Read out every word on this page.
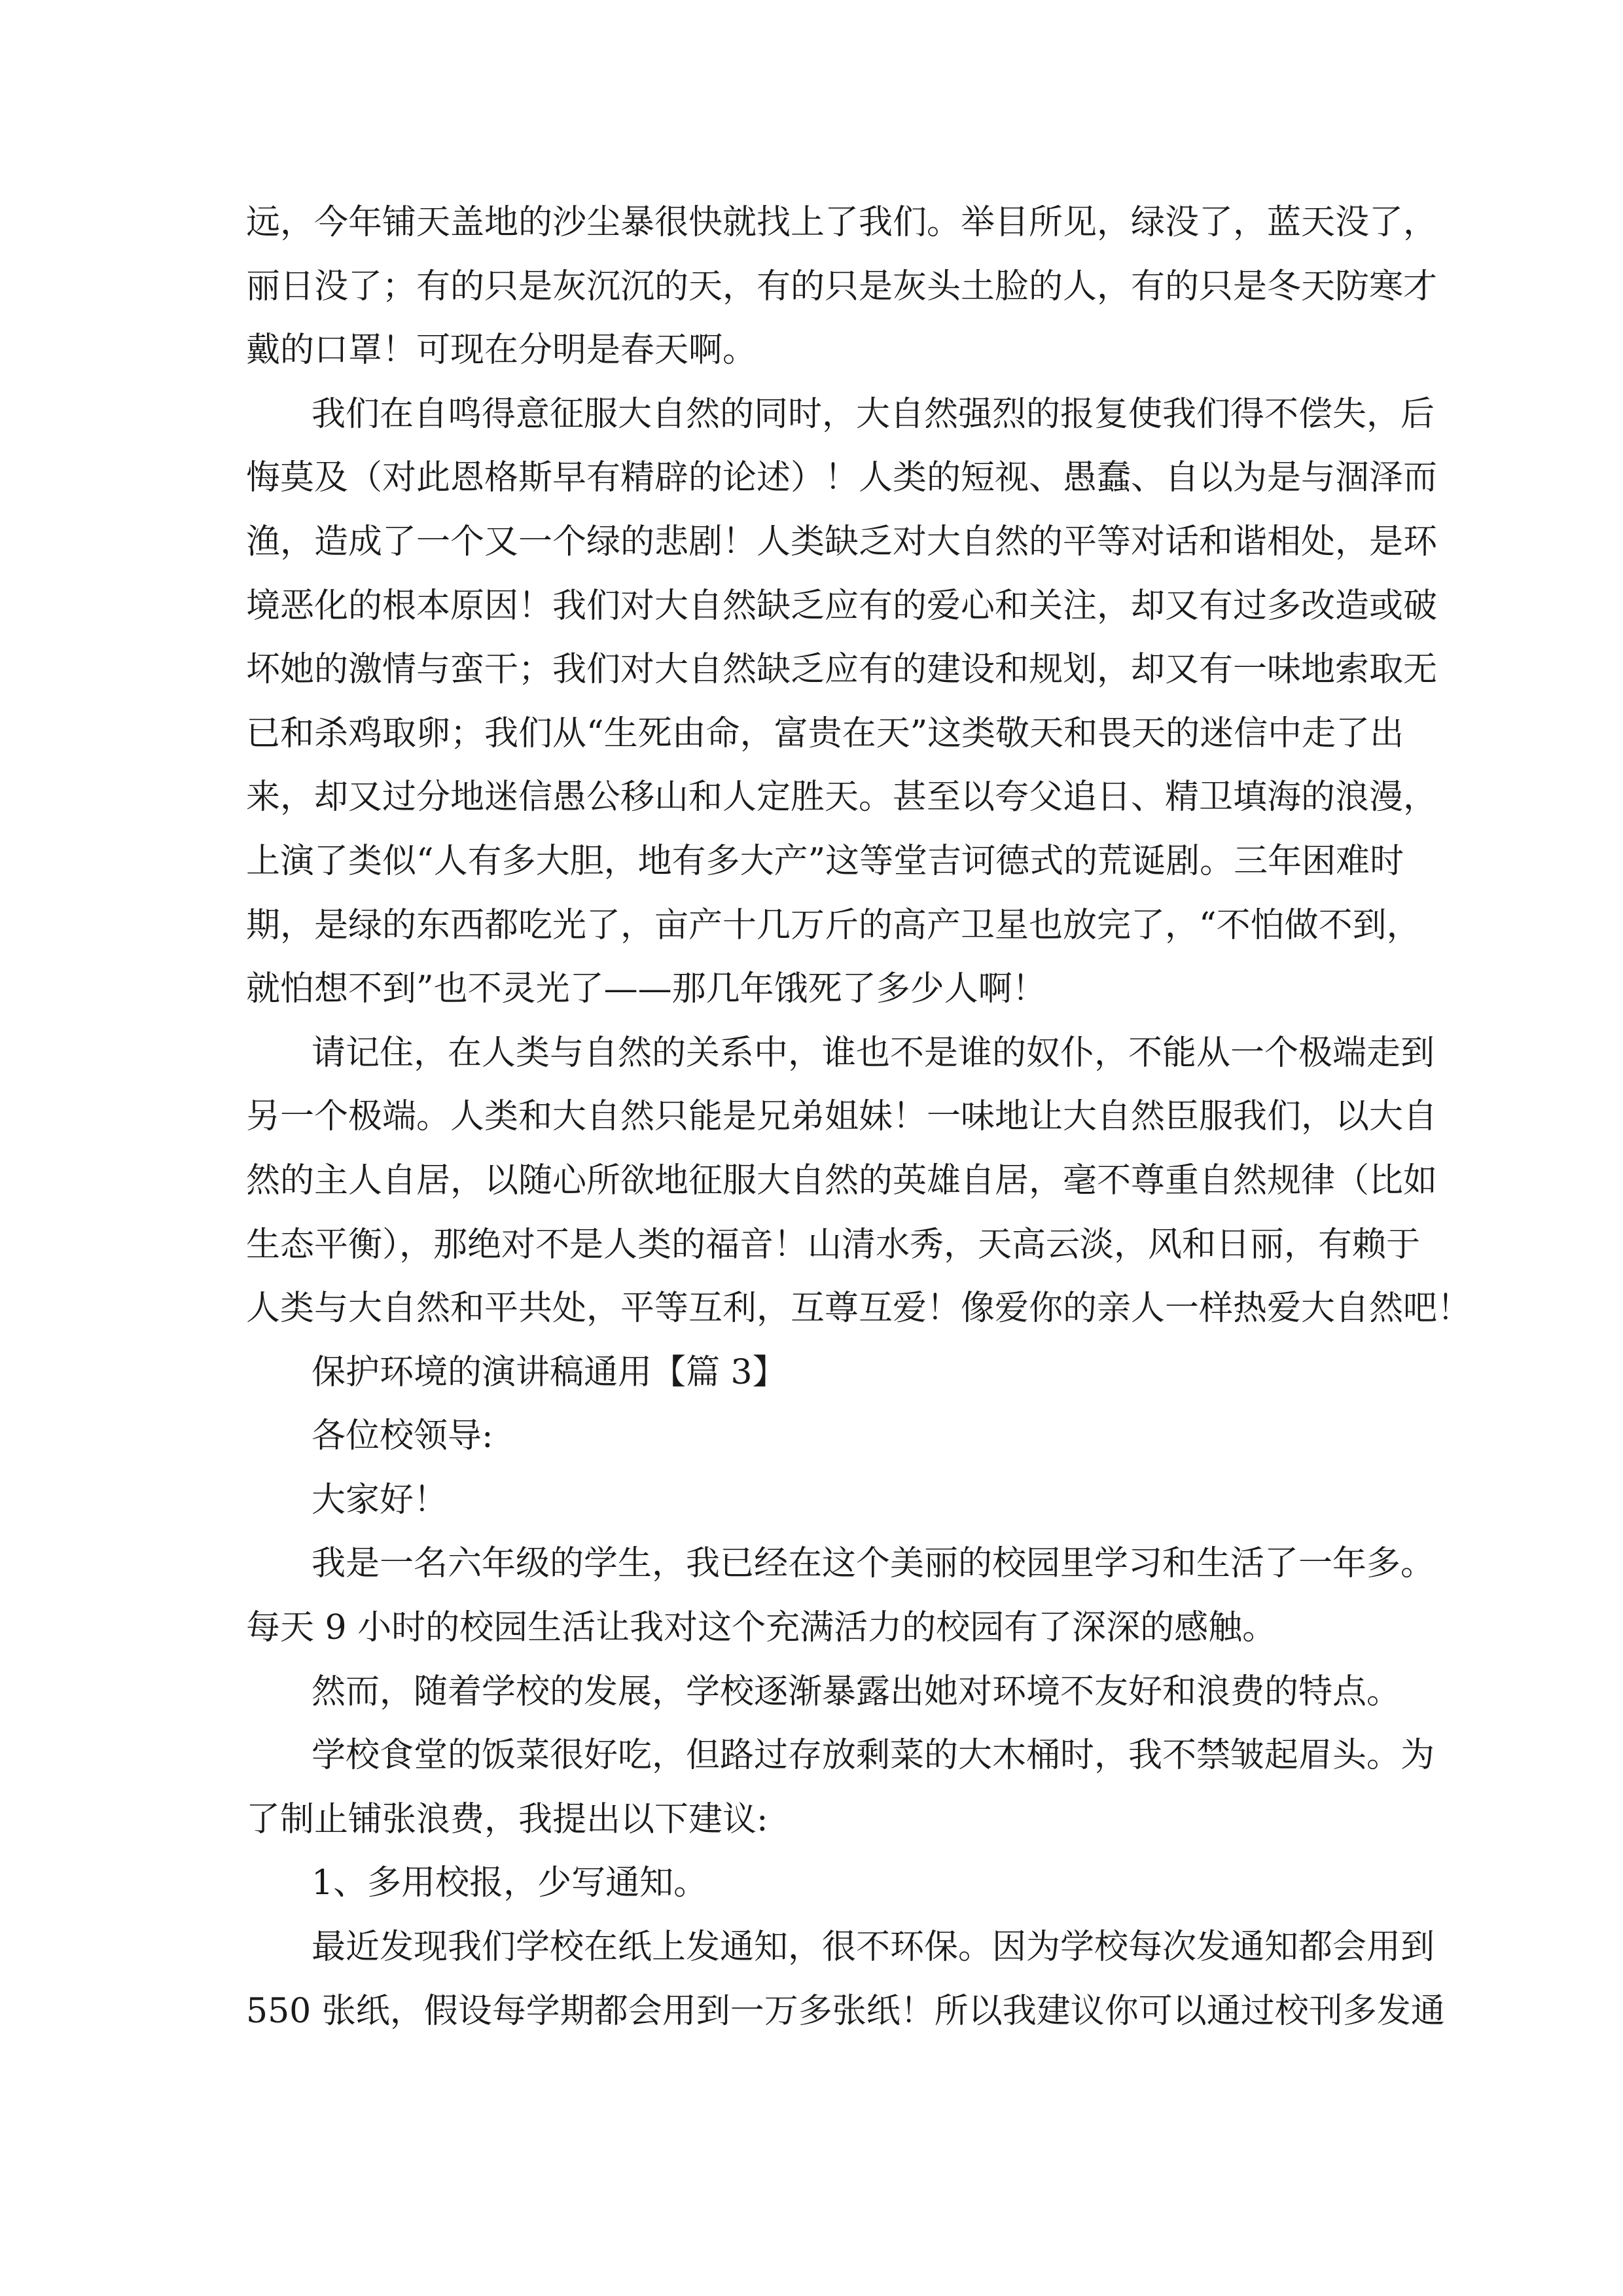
远，今年铺天盖地的沙尘暴很快就找上了我们。举目所见，绿没了，蓝天没了，
丽日没了；有的只是灰沉沉的天，有的只是灰头土脸的人，有的只是冬天防寒才
戴的口罩！可现在分明是春天啊。
我们在自鸣得意征服大自然的同时，大自然强烈的报复使我们得不偿失，后
悔莫及（对此恩格斯早有精辟的论述）！人类的短视、愚蠢、自以为是与涸泽而
渔，造成了一个又一个绿的悲剧！人类缺乏对大自然的平等对话和谐相处，是环
境恶化的根本原因！我们对大自然缺乏应有的爱心和关注，却又有过多改造或破
坏她的激情与蛮干；我们对大自然缺乏应有的建设和规划，却又有一味地索取无
已和杀鸡取卵；我们从“生死由命，富贵在天”这类敬天和畏天的迷信中走了出
来，却又过分地迷信愚公移山和人定胜天。甚至以夸父追日、精卫填海的浪漫，
上演了类似“人有多大胆，地有多大产”这等堂吉诃德式的荒诞剧。三年困难时
期，是绿的东西都吃光了，亩产十几万斤的高产卫星也放完了，“不怕做不到，
就怕想不到”也不灵光了——那几年饿死了多少人啊！
请记住，在人类与自然的关系中，谁也不是谁的奴仆，不能从一个极端走到
另一个极端。人类和大自然只能是兄弟姐妹！一味地让大自然臣服我们，以大自
然的主人自居，以随心所欲地征服大自然的英雄自居，毫不尊重自然规律（比如
生态平衡），那绝对不是人类的福音！山清水秀，天高云淡，风和日丽，有赖于
人类与大自然和平共处，平等互利，互尊互爱！像爱你的亲人一样热爱大自然吧！
保护环境的演讲稿通用【篇 3】
各位校领导:
大家好！
我是一名六年级的学生，我已经在这个美丽的校园里学习和生活了一年多。
每天 9 小时的校园生活让我对这个充满活力的校园有了深深的感触。
然而，随着学校的发展，学校逐渐暴露出她对环境不友好和浪费的特点。
学校食堂的饭菜很好吃，但路过存放剩菜的大木桶时，我不禁皱起眉头。为
了制止铺张浪费，我提出以下建议:
1、多用校报，少写通知。
最近发现我们学校在纸上发通知，很不环保。因为学校每次发通知都会用到
550 张纸，假设每学期都会用到一万多张纸！所以我建议你可以通过校刊多发通
